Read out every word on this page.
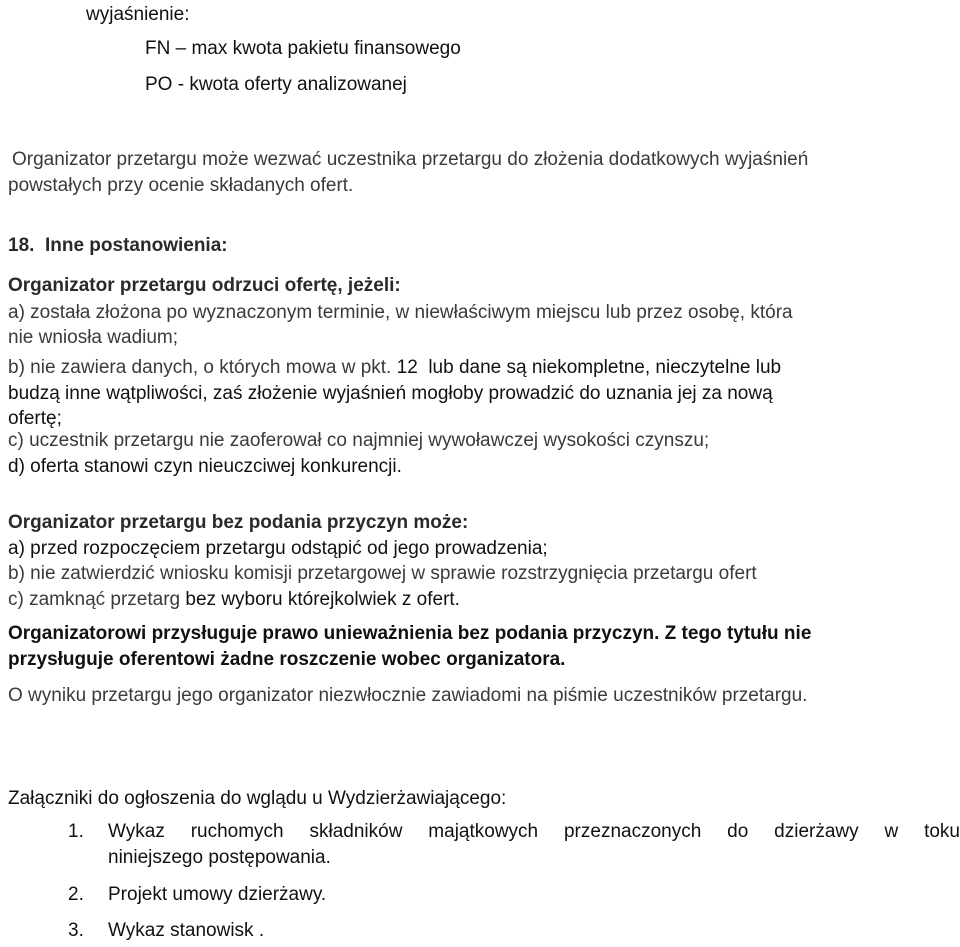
wyjaśnienie:
FN – max kwota pakietu finansowego
PO - kwota oferty analizowanej
Organizator przetargu może wezwać uczestnika przetargu do złożenia dodatkowych wyjaśnień
powstałych przy ocenie składanych ofert.
18.  Inne postanowienia:
Organizator przetargu odrzuci ofertę, jeżeli:
a) została złożona po wyznaczonym terminie, w niewłaściwym miejscu lub przez osobę, która
nie wniosła wadium;
b) nie zawiera danych, o których mowa w pkt. 12  lub dane są niekompletne, nieczytelne lub
budzą inne wątpliwości, zaś złożenie wyjaśnień mogłoby prowadzić do uznania jej za nową
ofertę;
c) uczestnik przetargu nie zaoferował co najmniej wywoławczej wysokości czynszu;
d) oferta stanowi czyn nieuczciwej konkurencji.
Organizator przetargu bez podania przyczyn może:
a) przed rozpoczęciem przetargu odstąpić od jego prowadzenia;
b) nie zatwierdzić wniosku komisji przetargowej w sprawie rozstrzygnięcia przetargu ofert
c) zamknąć przetarg bez wyboru którejkolwiek z ofert.
Organizatorowi przysługuje prawo unieważnienia bez podania przyczyn. Z tego tytułu nie
przysługuje oferentowi żadne roszczenie wobec organizatora.
O wyniku przetargu jego organizator niezwłocznie zawiadomi na piśmie uczestników przetargu.
Załączniki do ogłoszenia do wglądu u Wydzierżawiającego:
1. Wykaz ruchomych składników majątkowych przeznaczonych do dzierżawy w toku
niniejszego postępowania.
2. Projekt umowy dzierżawy.
3. Wykaz stanowisk .
